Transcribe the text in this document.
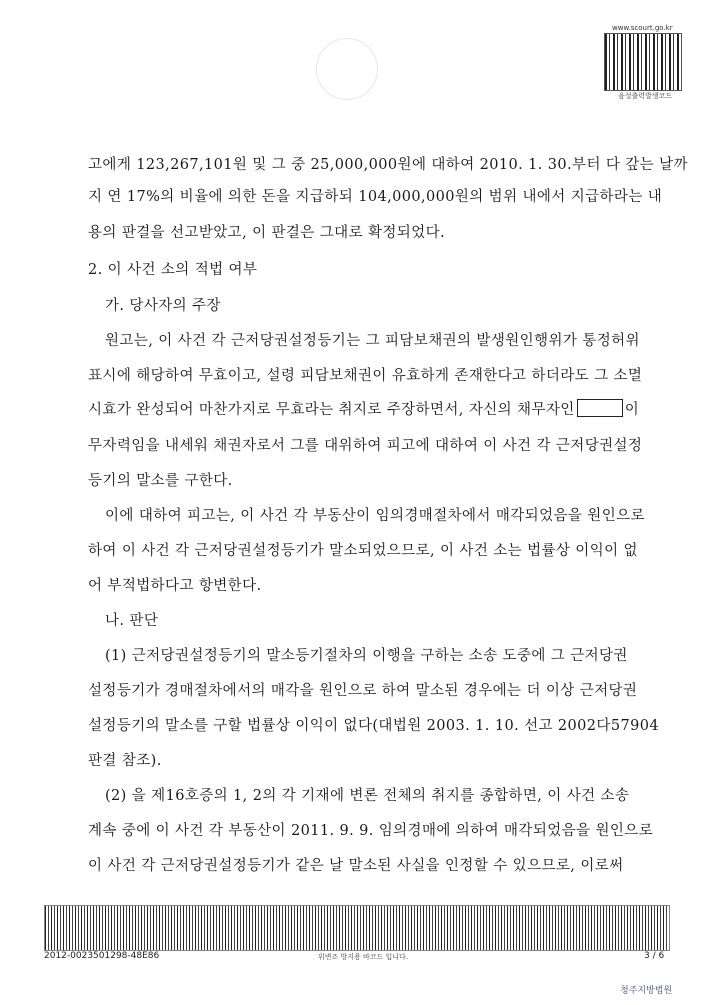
www.scourt.go.kr
음성출력발생코드
고에게 123,267,101원 및 그 중 25,000,000원에 대하여 2010. 1. 30.부터 다 갚는 날까
지 연 17%의 비율에 의한 돈을 지급하되 104,000,000원의 범위 내에서 지급하라는 내
용의 판결을 선고받았고, 이 판결은 그대로 확정되었다.
2. 이 사건 소의 적법 여부
가. 당사자의 주장
원고는, 이 사건 각 근저당권설정등기는 그 피담보채권의 발생원인행위가 통정허위
표시에 해당하여 무효이고, 설령 피담보채권이 유효하게 존재한다고 하더라도 그 소멸
시효가 완성되어 마찬가지로 무효라는 취지로 주장하면서, 자신의 채무자인	이
무자력임을 내세워 채권자로서 그를 대위하여 피고에 대하여 이 사건 각 근저당권설정
등기의 말소를 구한다.
이에 대하여 피고는, 이 사건 각 부동산이 임의경매절차에서 매각되었음을 원인으로
하여 이 사건 각 근저당권설정등기가 말소되었으므로, 이 사건 소는 법률상 이익이 없
어 부적법하다고 항변한다.
나. 판단
(1) 근저당권설정등기의 말소등기절차의 이행을 구하는 소송 도중에 그 근저당권
설정등기가 경매절차에서의 매각을 원인으로 하여 말소된 경우에는 더 이상 근저당권
설정등기의 말소를 구할 법률상 이익이 없다(대법원 2003. 1. 10. 선고 2002다57904
판결 참조).
(2) 을 제16호증의 1, 2의 각 기재에 변론 전체의 취지를 종합하면, 이 사건 소송
계속 중에 이 사건 각 부동산이 2011. 9. 9. 임의경매에 의하여 매각되었음을 원인으로
이 사건 각 근저당권설정등기가 같은 날 말소된 사실을 인정할 수 있으므로, 이로써
2012-0023501298-48E86	위변조 방지용 바코드 입니다.	3 / 6
청주지방법원
